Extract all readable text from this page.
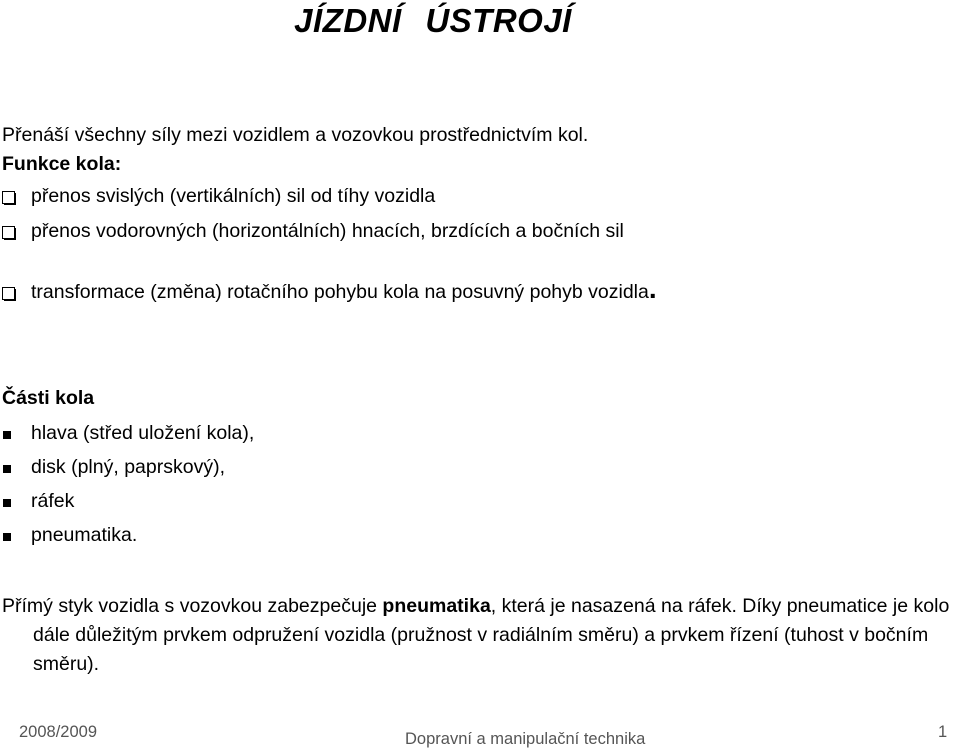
JÍZDNÍ ÚSTROJÍ
Přenáší všechny síly mezi vozidlem a vozovkou prostřednictvím kol.
Funkce kola:
přenos svislých (vertikálních) sil od tíhy vozidla
přenos vodorovných (horizontálních) hnacích, brzdících a bočních sil
transformace (změna) rotačního pohybu kola na posuvný pohyb vozidla.
Části kola
hlava (střed uložení kola),
disk (plný, paprskový),
ráfek
pneumatika.
Přímý styk vozidla s vozovkou zabezpečuje pneumatika, která je nasazená na ráfek. Díky pneumatice je kolo dále důležitým prvkem odpružení vozidla (pružnost v radiálním směru) a prvkem řízení (tuhost v bočním směru).
2008/2009	Dopravní a manipulační technika	1
